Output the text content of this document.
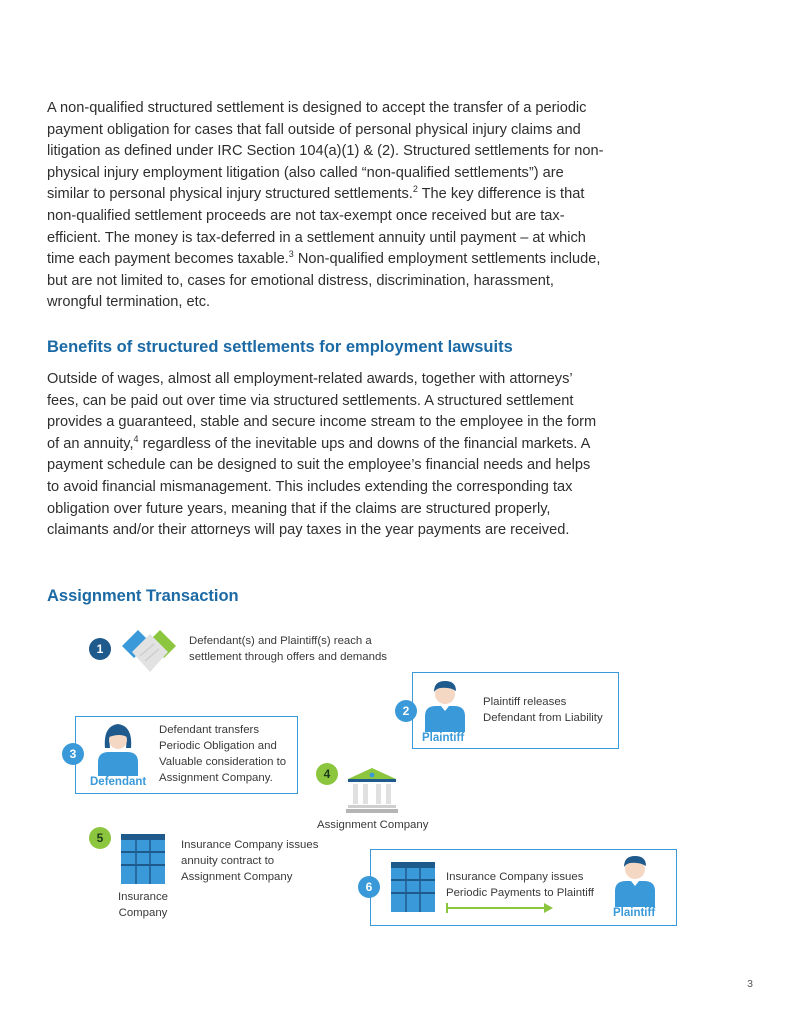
A non-qualified structured settlement is designed to accept the transfer of a periodic payment obligation for cases that fall outside of personal physical injury claims and litigation as defined under IRC Section 104(a)(1) & (2). Structured settlements for non-physical injury employment litigation (also called “non-qualified settlements”) are similar to personal physical injury structured settlements.$^2$ The key difference is that non-qualified settlement proceeds are not tax-exempt once received but are tax-efficient. The money is tax-deferred in a settlement annuity until payment – at which time each payment becomes taxable.$^3$ Non-qualified employment settlements include, but are not limited to, cases for emotional distress, discrimination, harassment, wrongful termination, etc.

Benefits of structured settlements for employment lawsuits

Outside of wages, almost all employment-related awards, together with attorneys’ fees, can be paid out over time via structured settlements. A structured settlement provides a guaranteed, stable and secure income stream to the employee in the form of an annuity,$^4$ regardless of the inevitable ups and downs of the financial markets. A payment schedule can be designed to suit the employee’s financial needs and helps to avoid financial mismanagement. This includes extending the corresponding tax obligation over future years, meaning that if the claims are structured properly, claimants and/or their attorneys will pay taxes in the year payments are received.

Assignment Transaction
1
Defendant(s) and Plaintiff(s) reach a settlement through offers and demands
2
Plaintiff
Plaintiff releases Defendant from Liability
3
Defendant
Defendant transfers Periodic Obligation and Valuable consideration to Assignment Company.	4
Assignment Company
5	Insurance Company issues annuity contract to Assignment Company
Insurance Company
6
Insurance Company issues Periodic Payments to Plaintiff
Plaintiff
3
